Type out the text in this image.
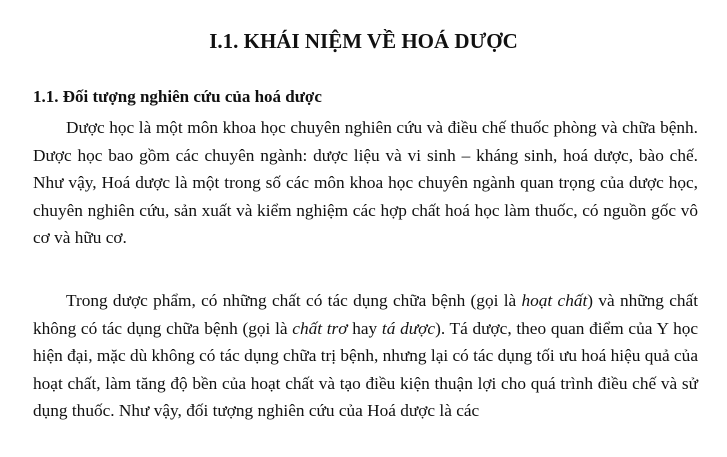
I.1. KHÁI NIỆM VỀ HOÁ DƯỢC
1.1. Đối tượng nghiên cứu của hoá dược

Dược học là một môn khoa học chuyên nghiên cứu và điều chế thuốc phòng và chữa bệnh. Dược học bao gồm các chuyên ngành: dược liệu và vi sinh – kháng sinh, hoá dược, bào chế. Như vậy, Hoá dược là một trong số các môn khoa học chuyên ngành quan trọng của dược học, chuyên nghiên cứu, sản xuất và kiểm nghiệm các hợp chất hoá học làm thuốc, có nguồn gốc vô cơ và hữu cơ.

Trong dược phẩm, có những chất có tác dụng chữa bệnh (gọi là hoạt chất) và những chất không có tác dụng chữa bệnh (gọi là chất trơ hay tá dược). Tá dược, theo quan điểm của Y học hiện đại, mặc dù không có tác dụng chữa trị bệnh, nhưng lại có tác dụng tối ưu hoá hiệu quả của hoạt chất, làm tăng độ bền của hoạt chất và tạo điều kiện thuận lợi cho quá trình điều chế và sử dụng thuốc. Như vậy, đối tượng nghiên cứu của Hoá dược là các
